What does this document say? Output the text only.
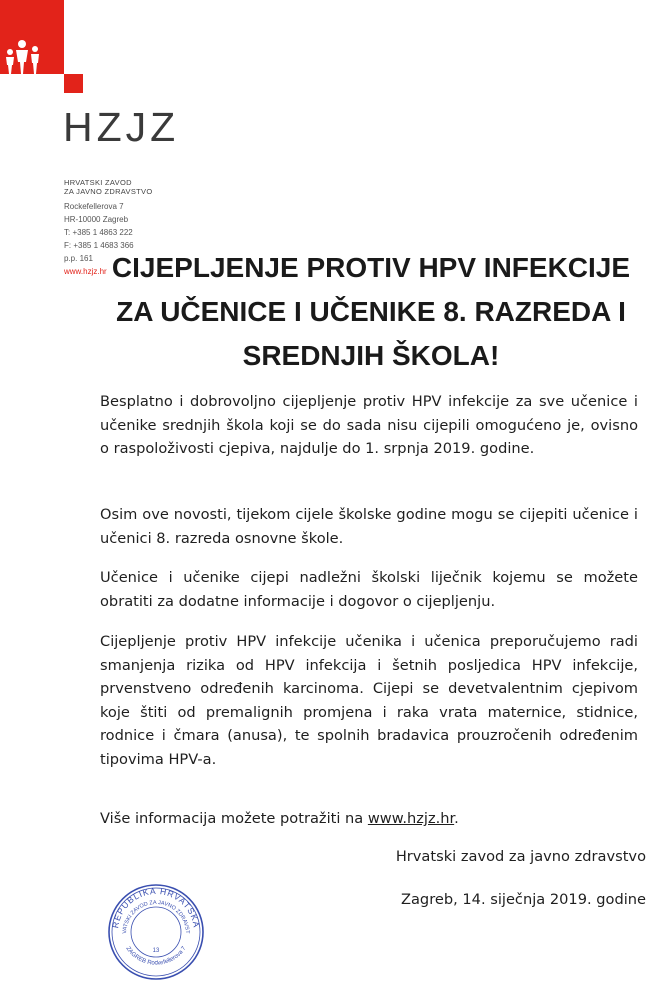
HZJZ
HRVATSKI ZAVOD
ZA JAVNO ZDRAVSTVO
Rockefellerova 7
HR-10000 Zagreb
T: +385 1 4863 222
F: +385 1 4683 366
p.p. 161
www.hzjz.hr CIJEPLJENJE PROTIV HPV INFEKCIJE
ZA UČENICE I UČENIKE 8. RAZREDA I
SREDNJIH ŠKOLA!
Besplatno i dobrovoljno cijepljenje protiv HPV infekcije za sve učenice i učenike srednjih škola koji se do sada nisu cijepili omogućeno je, ovisno o raspoloživosti cjepiva, najdulje do 1. srpnja 2019. godine.
Osim ove novosti, tijekom cijele školske godine mogu se cijepiti učenice i učenici 8. razreda osnovne škole.
Učenice i učenike cijepi nadležni školski liječnik kojemu se možete obratiti za dodatne informacije i dogovor o cijepljenju.
Cijepljenje protiv HPV infekcije učenika i učenica preporučujemo radi smanjenja rizika od HPV infekcija i šetnih posljedica HPV infekcije, prvenstveno određenih karcinoma. Cijepi se devetvalentnim cjepivom koje štiti od premalignih promjena i raka vrata maternice, stidnice, rodnice i čmara (anusa), te spolnih bradavica prouzročenih određenim tipovima HPV-a.
Više informacija možete potražiti na www.hzjz.hr.
Hrvatski zavod za javno zdravstvo
Zagreb, 14. siječnja 2019. godine
REPUBLIKA HRVATSKA
HRVATSKI ZAVOD ZA JAVNO ZDRAVSTVO
ZAGREB Rockefellerova 7
13
